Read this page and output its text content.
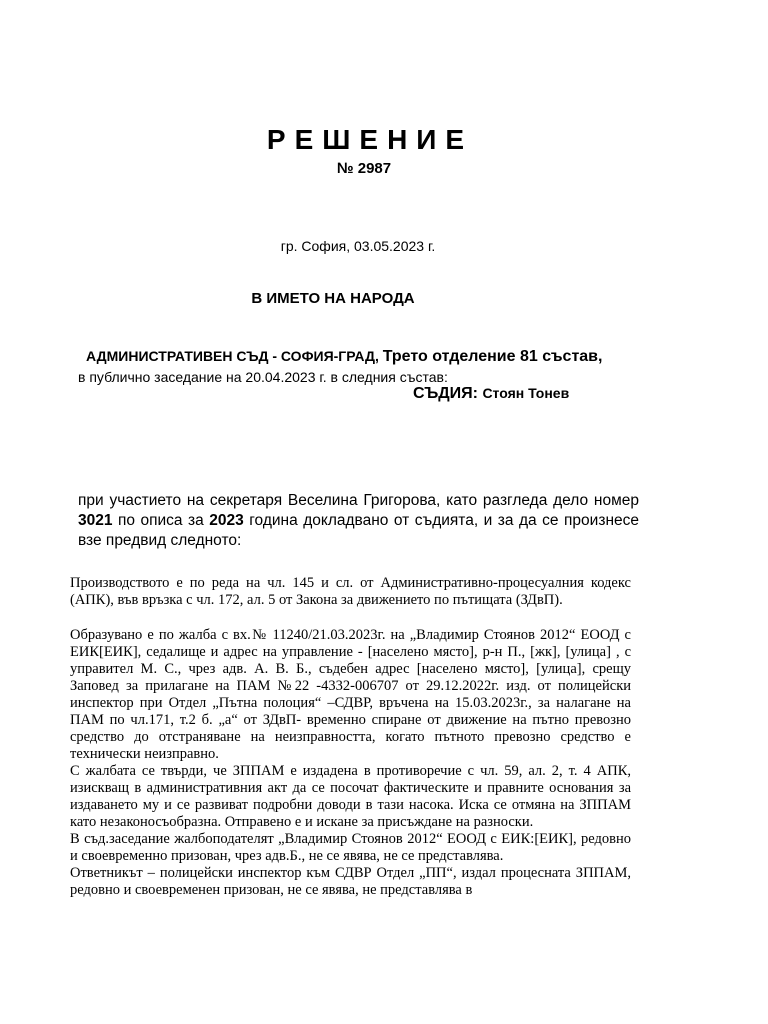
РЕШЕНИЕ
№ 2987
гр. София, 03.05.2023 г.
В ИМЕТО НА НАРОДА
АДМИНИСТРАТИВЕН СЪД - СОФИЯ-ГРАД, Трето отделение 81 състав,
в публично заседание на 20.04.2023 г. в следния състав:
СЪДИЯ: Стоян Тонев
при участието на секретаря Веселина Григорова, като разгледа дело номер 3021 по описа за 2023 година докладвано от съдията, и за да се произнесе взе предвид следното:

Производството е по реда на чл. 145 и сл. от Административно-процесуалния кодекс (АПК), във връзка с чл. 172, ал. 5 от Закона за движението по пътищата (ЗДвП).

Образувано е по жалба с вх.№ 11240/21.03.2023г. на „Владимир Стоянов 2012“ ЕООД с ЕИК[ЕИК], седалище и адрес на управление - [населено място], р-н П., [жк], [улица] , с управител М. С., чрез адв. А. В. Б., съдебен адрес [населено място], [улица], срещу Заповед за прилагане на ПАМ №22 -4332-006707 от 29.12.2022г. изд. от полицейски инспектор при Отдел „Пътна полоция“ –СДВР, връчена на 15.03.2023г., за налагане на ПАМ по чл.171, т.2 б. „а“ от ЗДвП- временно спиране от движение на пътно превозно средство до отстраняване на неизправността, когато пътното превозно средство е технически неизправно.

С жалбата се твърди, че ЗППАМ е издадена в противоречие с чл. 59, ал. 2, т. 4 АПК, изискващ в административния акт да се посочат фактическите и правните основания за издаването му и се развиват подробни доводи в тази насока. Иска се отмяна на ЗППАМ като незаконосъобразна. Отправено е и искане за присъждане на разноски.

В съд.заседание жалбоподателят „Владимир Стоянов 2012“ ЕООД с ЕИК:[ЕИК], редовно и своевременно призован, чрез адв.Б., не се явява, не се представлява.

Ответникът – полицейски инспектор към СДВР Отдел „ПП“, издал процесната ЗППАМ, редовно и своевременен призован, не се явява, не представлява в
